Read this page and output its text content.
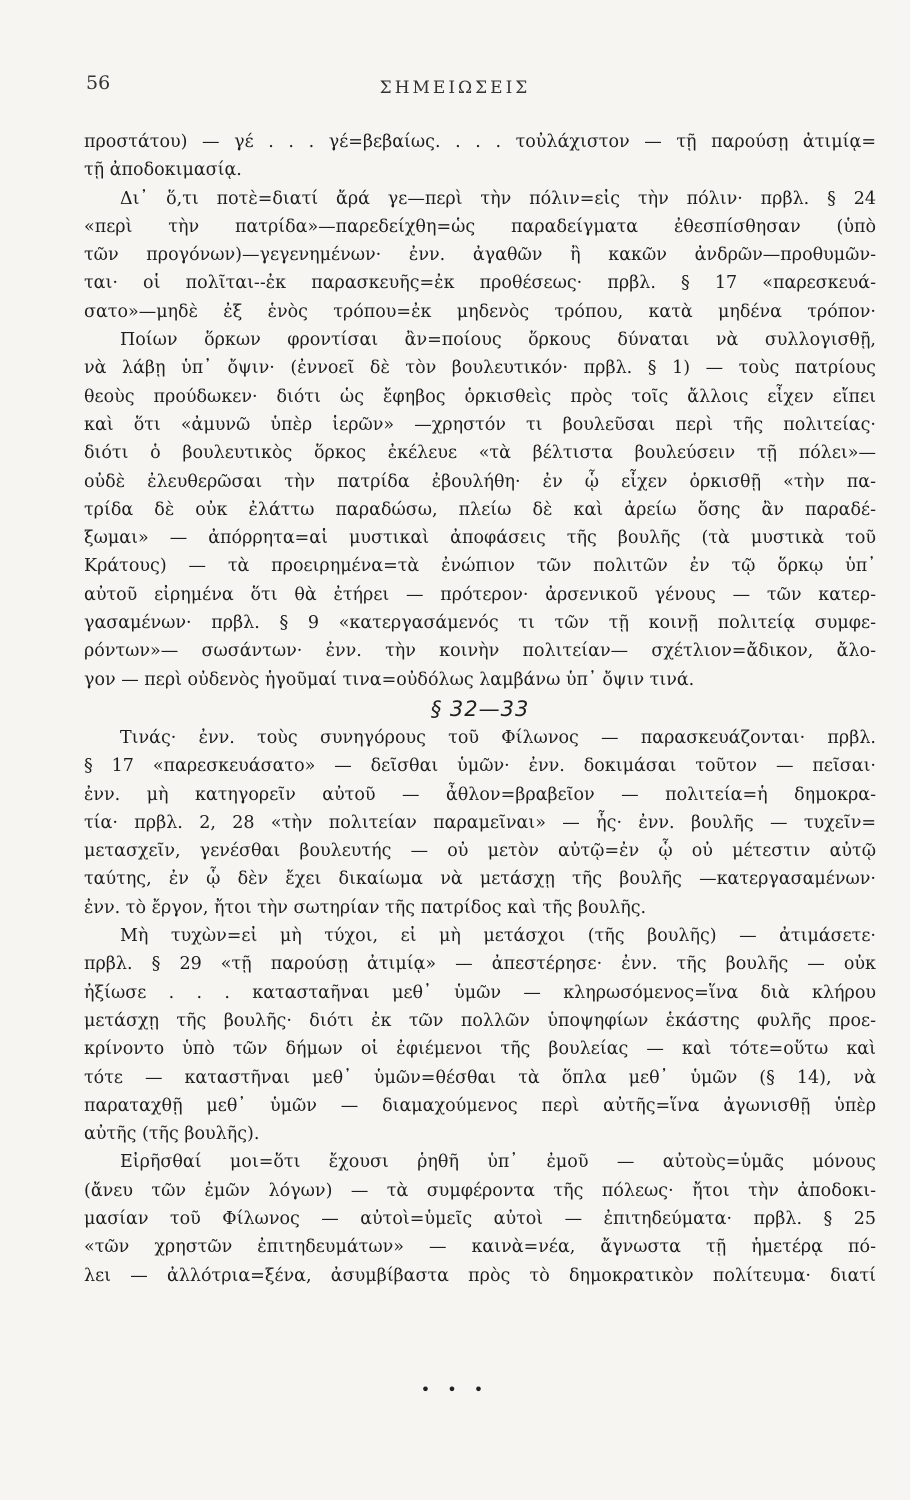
56	ΣΗΜΕΙΩΣΕΙΣ
προστάτου) — γέ . . . γέ=βεβαίως. . . . τοὐλάχιστον — τῇ παρούσῃ ἀτιμίᾳ=
τῇ ἀποδοκιμασίᾳ.
Δι᾽ ὅ,τι ποτὲ=διατί ἄρά γε—περὶ τὴν πόλιν=εἰς τὴν πόλιν· πρβλ. § 24
«περὶ τὴν πατρίδα»—παρεδείχθη=ὡς παραδείγματα ἐθεσπίσθησαν (ὑπὸ
τῶν προγόνων)—γεγενημένων· ἐνν. ἀγαθῶν ἢ κακῶν ἀνδρῶν—προθυμῶν-
ται· οἱ πολῖται--ἐκ παρασκευῆς=ἐκ προθέσεως· πρβλ. § 17 «παρεσκευά-
σατο»—μηδὲ ἐξ ἑνὸς τρόπου=ἐκ μηδενὸς τρόπου, κατὰ μηδένα τρόπον·
Ποίων ὅρκων φροντίσαι ἂν=ποίους ὅρκους δύναται νὰ συλλογισθῇ,
νὰ λάβῃ ὑπ᾽ ὄψιν· (ἐννοεῖ δὲ τὸν βουλευτικόν· πρβλ. § 1) — τοὺς πατρίους
θεοὺς προύδωκεν· διότι ὡς ἔφηβος ὁρκισθεὶς πρὸς τοῖς ἄλλοις εἶχεν εἴπει
καὶ ὅτι «ἀμυνῶ ὑπὲρ ἱερῶν» —χρηστόν τι βουλεῦσαι περὶ τῆς πολιτείας·
διότι ὁ βουλευτικὸς ὅρκος ἐκέλευε «τὰ βέλτιστα βουλεύσειν τῇ πόλει»—
οὐδὲ ἐλευθερῶσαι τὴν πατρίδα ἐβουλήθη· ἐν ᾧ εἶχεν ὁρκισθῇ «τὴν πα-
τρίδα δὲ οὐκ ἐλάττω παραδώσω, πλείω δὲ καὶ ἀρείω ὅσης ἂν παραδέ-
ξωμαι» — ἀπόρρητα=αἱ μυστικαὶ ἀποφάσεις τῆς βουλῆς (τὰ μυστικὰ τοῦ
Κράτους) — τὰ προειρημένα=τὰ ἐνώπιον τῶν πολιτῶν ἐν τῷ ὅρκῳ ὑπ᾽
αὐτοῦ εἰρημένα ὅτι θὰ ἐτήρει — πρότερον· ἀρσενικοῦ γένους — τῶν κατερ-
γασαμένων· πρβλ. § 9 «κατεργασάμενός τι τῶν τῇ κοινῇ πολιτείᾳ συμφε-
ρόντων»— σωσάντων· ἐνν. τὴν κοινὴν πολιτείαν— σχέτλιον=ἄδικον, ἄλο-
γον — περὶ οὐδενὸς ἡγοῦμαί τινα=οὐδόλως λαμβάνω ὑπ᾽ ὄψιν τινά.
§ 32—33
Τινάς· ἐνν. τοὺς συνηγόρους τοῦ Φίλωνος — παρασκευάζονται· πρβλ.
§ 17 «παρεσκευάσατο» — δεῖσθαι ὑμῶν· ἐνν. δοκιμάσαι τοῦτον — πεῖσαι·
ἐνν. μὴ κατηγορεῖν αὐτοῦ — ἆθλον=βραβεῖον — πολιτεία=ἡ δημοκρα-
τία· πρβλ. 2, 28 «τὴν πολιτείαν παραμεῖναι» — ἧς· ἐνν. βουλῆς — τυχεῖν=
μετασχεῖν, γενέσθαι βουλευτής — οὐ μετὸν αὐτῷ=ἐν ᾧ οὐ μέτεστιν αὐτῷ
ταύτης, ἐν ᾧ δὲν ἔχει δικαίωμα νὰ μετάσχῃ τῆς βουλῆς —κατεργασαμένων·
ἐνν. τὸ ἔργον, ἤτοι τὴν σωτηρίαν τῆς πατρίδος καὶ τῆς βουλῆς.
Μὴ τυχὼν=εἰ μὴ τύχοι, εἰ μὴ μετάσχοι (τῆς βουλῆς) — ἀτιμάσετε·
πρβλ. § 29 «τῇ παρούσῃ ἀτιμίᾳ» — ἀπεστέρησε· ἐνν. τῆς βουλῆς — οὐκ
ἠξίωσε . . . κατασταῆναι μεθ᾽ ὑμῶν — κληρωσόμενος=ἵνα διὰ κλήρου
μετάσχῃ τῆς βουλῆς· διότι ἐκ τῶν πολλῶν ὑποψηφίων ἑκάστης φυλῆς προε-
κρίνοντο ὑπὸ τῶν δήμων οἱ ἐφιέμενοι τῆς βουλείας — καὶ τότε=οὕτω καὶ
τότε — καταστῆναι μεθ᾽ ὑμῶν=θέσθαι τὰ ὅπλα μεθ᾽ ὑμῶν (§ 14), νὰ
παραταχθῇ μεθ᾽ ὑμῶν — διαμαχούμενος περὶ αὐτῆς=ἵνα ἀγωνισθῇ ὑπὲρ
αὐτῆς (τῆς βουλῆς).
Εἰρῆσθαί μοι=ὅτι ἔχουσι ῥηθῆ ὑπ᾽ ἐμοῦ — αὐτοὺς=ὑμᾶς μόνους
(ἄνευ τῶν ἐμῶν λόγων) — τὰ συμφέροντα τῆς πόλεως· ἤτοι τὴν ἀποδοκι-
μασίαν τοῦ Φίλωνος — αὐτοὶ=ὑμεῖς αὐτοὶ — ἐπιτηδεύματα· πρβλ. § 25
«τῶν χρηστῶν ἐπιτηδευμάτων» — καινὰ=νέα, ἄγνωστα τῇ ἡμετέρᾳ πό-
λει — ἀλλότρια=ξένα, ἀσυμβίβαστα πρὸς τὸ δημοκρατικὸν πολίτευμα· διατί
• • •
